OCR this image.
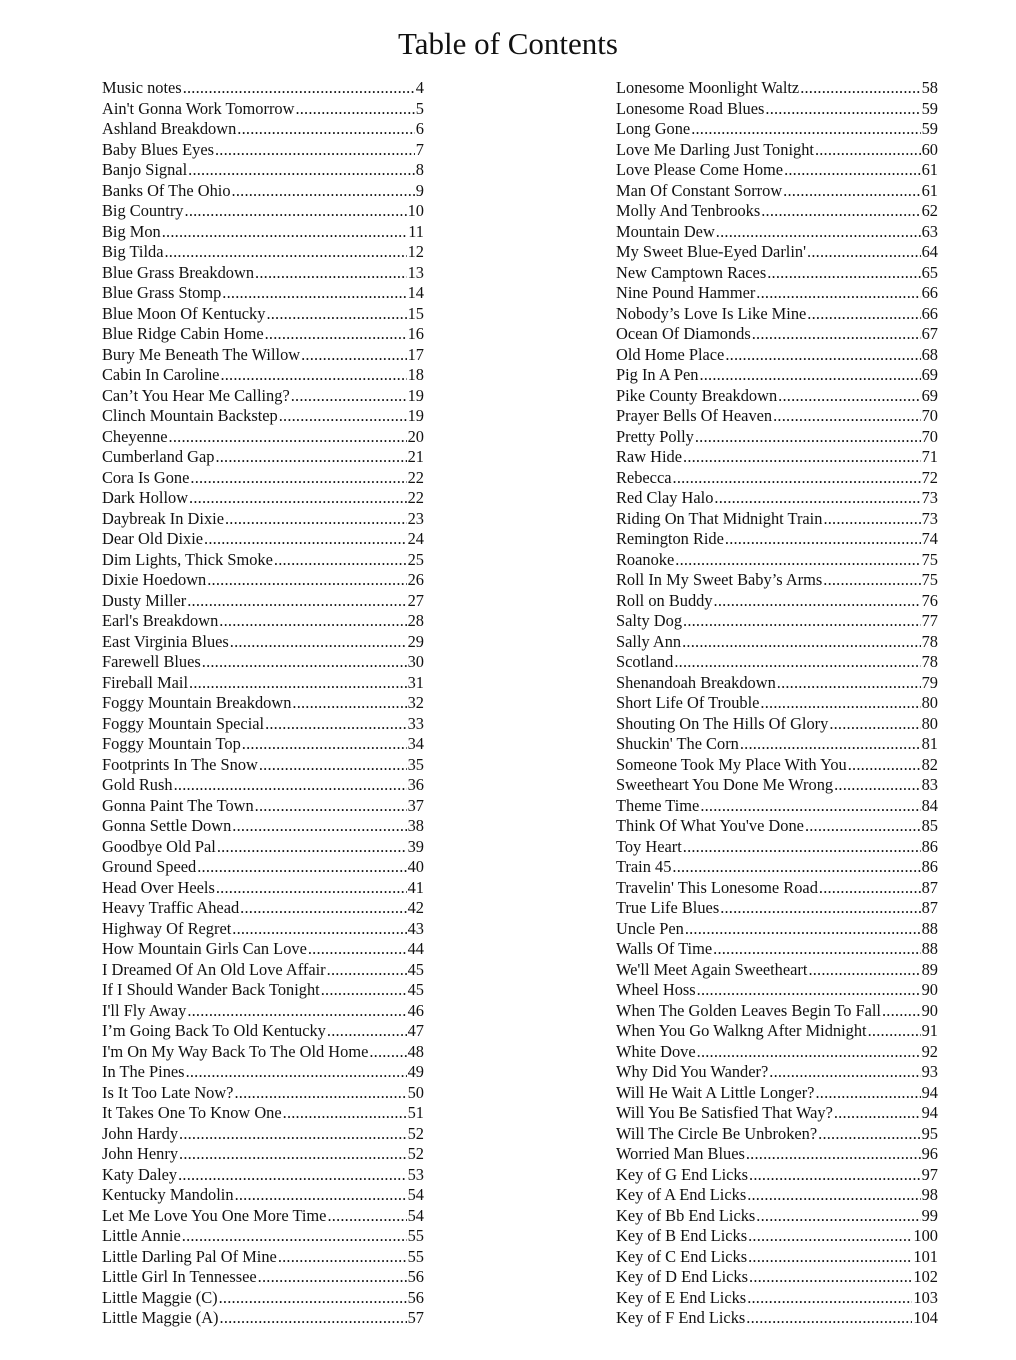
Table of Contents
Music notes .....	4
Ain't Gonna Work Tomorrow .....	5
Ashland Breakdown .....	6
Baby Blues Eyes .....	7
Banjo Signal .....	8
Banks Of The Ohio .....	9
Big Country .....	10
Big Mon .....	11
Big Tilda .....	12
Blue Grass Breakdown .....	13
Blue Grass Stomp .....	14
Blue Moon Of Kentucky .....	15
Blue Ridge Cabin Home .....	16
Bury Me Beneath The Willow .....	17
Cabin In Caroline .....	18
Can’t You Hear Me Calling? .....	19
Clinch Mountain Backstep .....	19
Cheyenne .....	20
Cumberland Gap .....	21
Cora Is Gone .....	22
Dark Hollow .....	22
Daybreak In Dixie .....	23
Dear Old Dixie .....	24
Dim Lights, Thick Smoke .....	25
Dixie Hoedown .....	26
Dusty Miller .....	27
Earl's Breakdown .....	28
East Virginia Blues .....	29
Farewell Blues .....	30
Fireball Mail .....	31
Foggy Mountain Breakdown .....	32
Foggy Mountain Special .....	33
Foggy Mountain Top .....	34
Footprints In The Snow .....	35
Gold Rush .....	36
Gonna Paint The Town .....	37
Gonna Settle Down .....	38
Goodbye Old Pal .....	39
Ground Speed .....	40
Head Over Heels .....	41
Heavy Traffic Ahead .....	42
Highway Of Regret .....	43
How Mountain Girls Can Love .....	44
I Dreamed Of An Old Love Affair .....	45
If I Should Wander Back Tonight .....	45
I'll Fly Away .....	46
I’m Going Back To Old Kentucky .....	47
I'm On My Way Back To The Old Home ..... 48
In The Pines .....	49
Is It Too Late Now? .....	50
It Takes One To Know One .....	51
John Hardy .....	52
John Henry .....	52
Katy Daley .....	53
Kentucky Mandolin .....	54
Let Me Love You One More Time .....	54
Little Annie .....	55
Little Darling Pal Of Mine .....	55
Little Girl In Tennessee .....	56
Little Maggie (C) .....	56
Little Maggie (A) .....	57
Lonesome Moonlight Waltz .....	58
Lonesome Road Blues .....	59
Long Gone .....	59
Love Me Darling Just Tonight .....	60
Love Please Come Home .....	61
Man Of Constant Sorrow .....	61
Molly And Tenbrooks .....	62
Mountain Dew .....	63
My Sweet Blue-Eyed Darlin' .....	64
New Camptown Races .....	65
Nine Pound Hammer .....	66
Nobody’s Love Is Like Mine .....	66
Ocean Of Diamonds .....	67
Old Home Place .....	68
Pig In A Pen .....	69
Pike County Breakdown .....	69
Prayer Bells Of Heaven .....	70
Pretty Polly .....	70
Raw Hide .....	71
Rebecca .....	72
Red Clay Halo .....	73
Riding On That Midnight Train .....	73
Remington Ride .....	74
Roanoke .....	75
Roll In My Sweet Baby’s Arms .....	75
Roll on Buddy .....	76
Salty Dog .....	77
Sally Ann .....	78
Scotland .....	78
Shenandoah Breakdown .....	79
Short Life Of Trouble .....	80
Shouting On The Hills Of Glory .....	80
Shuckin' The Corn .....	81
Someone Took My Place With You .....	82
Sweetheart You Done Me Wrong .....	83
Theme Time .....	84
Think Of What You've Done .....	85
Toy Heart .....	86
Train 45 .....	86
Travelin' This Lonesome Road .....	87
True Life Blues .....	87
Uncle Pen .....	88
Walls Of Time .....	88
We'll Meet Again Sweetheart .....	89
Wheel Hoss .....	90
When The Golden Leaves Begin To Fall ..... 90
When You Go Walkng After Midnight .....	91
White Dove .....	92
Why Did You Wander? .....	93
Will He Wait A Little Longer? .....	94
Will You Be Satisfied That Way? .....	94
Will The Circle Be Unbroken? .....	95
Worried Man Blues .....	96
Key of G End Licks .....	97
Key of A End Licks .....	98
Key of Bb End Licks .....	99
Key of B End Licks .....	100
Key of C End Licks .....	101
Key of D End Licks .....	102
Key of E End Licks .....	103
Key of F End Licks .....	104
